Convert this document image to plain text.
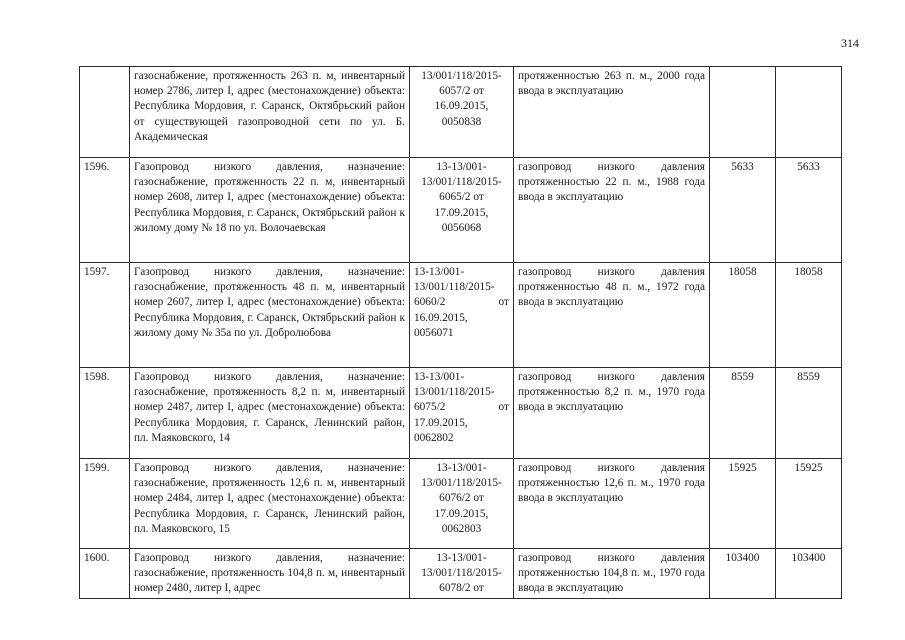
314
	газоснабжение, протяженность 263 п. м, инвентарный номер 2786, литер I, адрес (местонахождение) объекта: Республика Мордовия, г. Саранск, Октябрьский район от существующей газопроводной сети по ул. Б. Академическая	13/001/118/2015-6057/2 от 16.09.2015, 0050838	протяженностью 263 п. м., 2000 года ввода в эксплуатацию		
1596.	Газопровод низкого давления, назначение: газоснабжение, протяженность 22 п. м, инвентарный номер 2608, литер I, адрес (местонахождение) объекта: Республика Мордовия, г. Саранск, Октябрьский район к жилому дому № 18 по ул. Волочаевская	13-13/001-13/001/118/2015-6065/2 от 17.09.2015, 0056068	газопровод низкого давления протяженностью 22 п. м., 1988 года ввода в эксплуатацию	5633	5633
1597.	Газопровод низкого давления, назначение: газоснабжение, протяженность 48 п. м, инвентарный номер 2607, литер I, адрес (местонахождение) объекта: Республика Мордовия, г. Саранск, Октябрьский район к жилому дому № 35а по ул. Добролюбова	13-13/001-13/001/118/2015-6060/2 от 16.09.2015, 0056071	газопровод низкого давления протяженностью 48 п. м., 1972 года ввода в эксплуатацию	18058	18058
1598.	Газопровод низкого давления, назначение: газоснабжение, протяженность 8,2 п. м, инвентарный номер 2487, литер I, адрес (местонахождение) объекта: Республика Мордовия, г. Саранск, Ленинский район, пл. Маяковского, 14	13-13/001-13/001/118/2015-6075/2 от 17.09.2015, 0062802	газопровод низкого давления протяженностью 8,2 п. м., 1970 года ввода в эксплуатацию	8559	8559
1599.	Газопровод низкого давления, назначение: газоснабжение, протяженность 12,6 п. м, инвентарный номер 2484, литер I, адрес (местонахождение) объекта: Республика Мордовия, г. Саранск, Ленинский район, пл. Маяковского, 15	13-13/001-13/001/118/2015-6076/2 от 17.09.2015, 0062803	газопровод низкого давления протяженностью 12,6 п. м., 1970 года ввода в эксплуатацию	15925	15925
1600.	Газопровод низкого давления, назначение: газоснабжение, протяженность 104,8 п. м, инвентарный номер 2480, литер I, адрес	13-13/001-13/001/118/2015-6078/2 от	газопровод низкого давления протяженностью 104,8 п. м., 1970 года ввода в эксплуатацию	103400	103400
